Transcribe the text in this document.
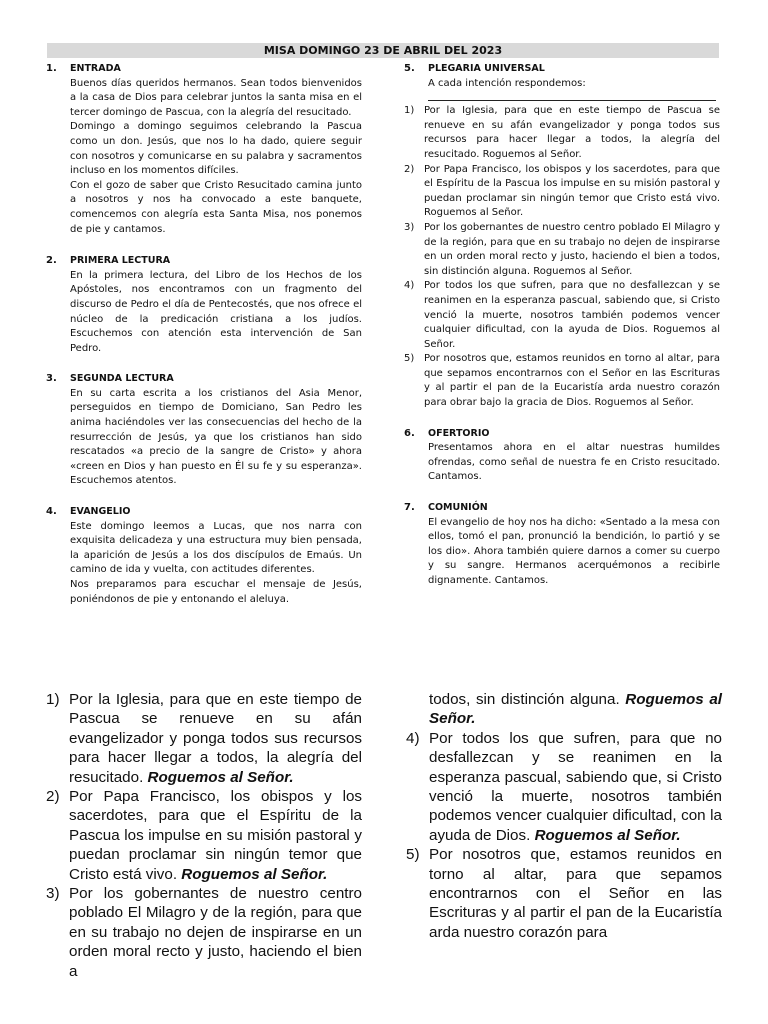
MISA DOMINGO 23 DE ABRIL DEL 2023
1. ENTRADA
Buenos días queridos hermanos. Sean todos bienvenidos a la casa de Dios para celebrar juntos la santa misa en el tercer domingo de Pascua, con la alegría del resucitado.
Domingo a domingo seguimos celebrando la Pascua como un don. Jesús, que nos lo ha dado, quiere seguir con nosotros y comunicarse en su palabra y sacramentos incluso en los momentos difíciles.
Con el gozo de saber que Cristo Resucitado camina junto a nosotros y nos ha convocado a este banquete, comencemos con alegría esta Santa Misa, nos ponemos de pie y cantamos.
2. PRIMERA LECTURA
En la primera lectura, del Libro de los Hechos de los Apóstoles, nos encontramos con un fragmento del discurso de Pedro el día de Pentecostés, que nos ofrece el núcleo de la predicación cristiana a los judíos. Escuchemos con atención esta intervención de San Pedro.
3. SEGUNDA LECTURA
En su carta escrita a los cristianos del Asia Menor, perseguidos en tiempo de Domiciano, San Pedro les anima haciéndoles ver las consecuencias del hecho de la resurrección de Jesús, ya que los cristianos han sido rescatados «a precio de la sangre de Cristo» y ahora «creen en Dios y han puesto en Él su fe y su esperanza». Escuchemos atentos.
4. EVANGELIO
Este domingo leemos a Lucas, que nos narra con exquisita delicadeza y una estructura muy bien pensada, la aparición de Jesús a los dos discípulos de Emaús. Un camino de ida y vuelta, con actitudes diferentes.
Nos preparamos para escuchar el mensaje de Jesús, poniéndonos de pie y entonando el aleluya.
5. PLEGARIA UNIVERSAL
A cada intención respondemos:
1) Por la Iglesia, para que en este tiempo de Pascua se renueve en su afán evangelizador y ponga todos sus recursos para hacer llegar a todos, la alegría del resucitado. Roguemos al Señor.
2) Por Papa Francisco, los obispos y los sacerdotes, para que el Espíritu de la Pascua los impulse en su misión pastoral y puedan proclamar sin ningún temor que Cristo está vivo. Roguemos al Señor.
3) Por los gobernantes de nuestro centro poblado El Milagro y de la región, para que en su trabajo no dejen de inspirarse en un orden moral recto y justo, haciendo el bien a todos, sin distinción alguna. Roguemos al Señor.
4) Por todos los que sufren, para que no desfallezcan y se reanimen en la esperanza pascual, sabiendo que, si Cristo venció la muerte, nosotros también podemos vencer cualquier dificultad, con la ayuda de Dios. Roguemos al Señor.
5) Por nosotros que, estamos reunidos en torno al altar, para que sepamos encontrarnos con el Señor en las Escrituras y al partir el pan de la Eucaristía arda nuestro corazón para obrar bajo la gracia de Dios. Roguemos al Señor.
6. OFERTORIO
Presentamos ahora en el altar nuestras humildes ofrendas, como señal de nuestra fe en Cristo resucitado. Cantamos.
7. COMUNIÓN
El evangelio de hoy nos ha dicho: «Sentado a la mesa con ellos, tomó el pan, pronunció la bendición, lo partió y se los dio». Ahora también quiere darnos a comer su cuerpo y su sangre. Hermanos acerquémonos a recibirle dignamente. Cantamos.
1) Por la Iglesia, para que en este tiempo de Pascua se renueve en su afán evangelizador y ponga todos sus recursos para hacer llegar a todos, la alegría del resucitado. Roguemos al Señor.
2) Por Papa Francisco, los obispos y los sacerdotes, para que el Espíritu de la Pascua los impulse en su misión pastoral y puedan proclamar sin ningún temor que Cristo está vivo. Roguemos al Señor.
3) Por los gobernantes de nuestro centro poblado El Milagro y de la región, para que en su trabajo no dejen de inspirarse en un orden moral recto y justo, haciendo el bien a
todos, sin distinción alguna. Roguemos al Señor.
4) Por todos los que sufren, para que no desfallezcan y se reanimen en la esperanza pascual, sabiendo que, si Cristo venció la muerte, nosotros también podemos vencer cualquier dificultad, con la ayuda de Dios. Roguemos al Señor.
5) Por nosotros que, estamos reunidos en torno al altar, para que sepamos encontrarnos con el Señor en las Escrituras y al partir el pan de la Eucaristía arda nuestro corazón para
